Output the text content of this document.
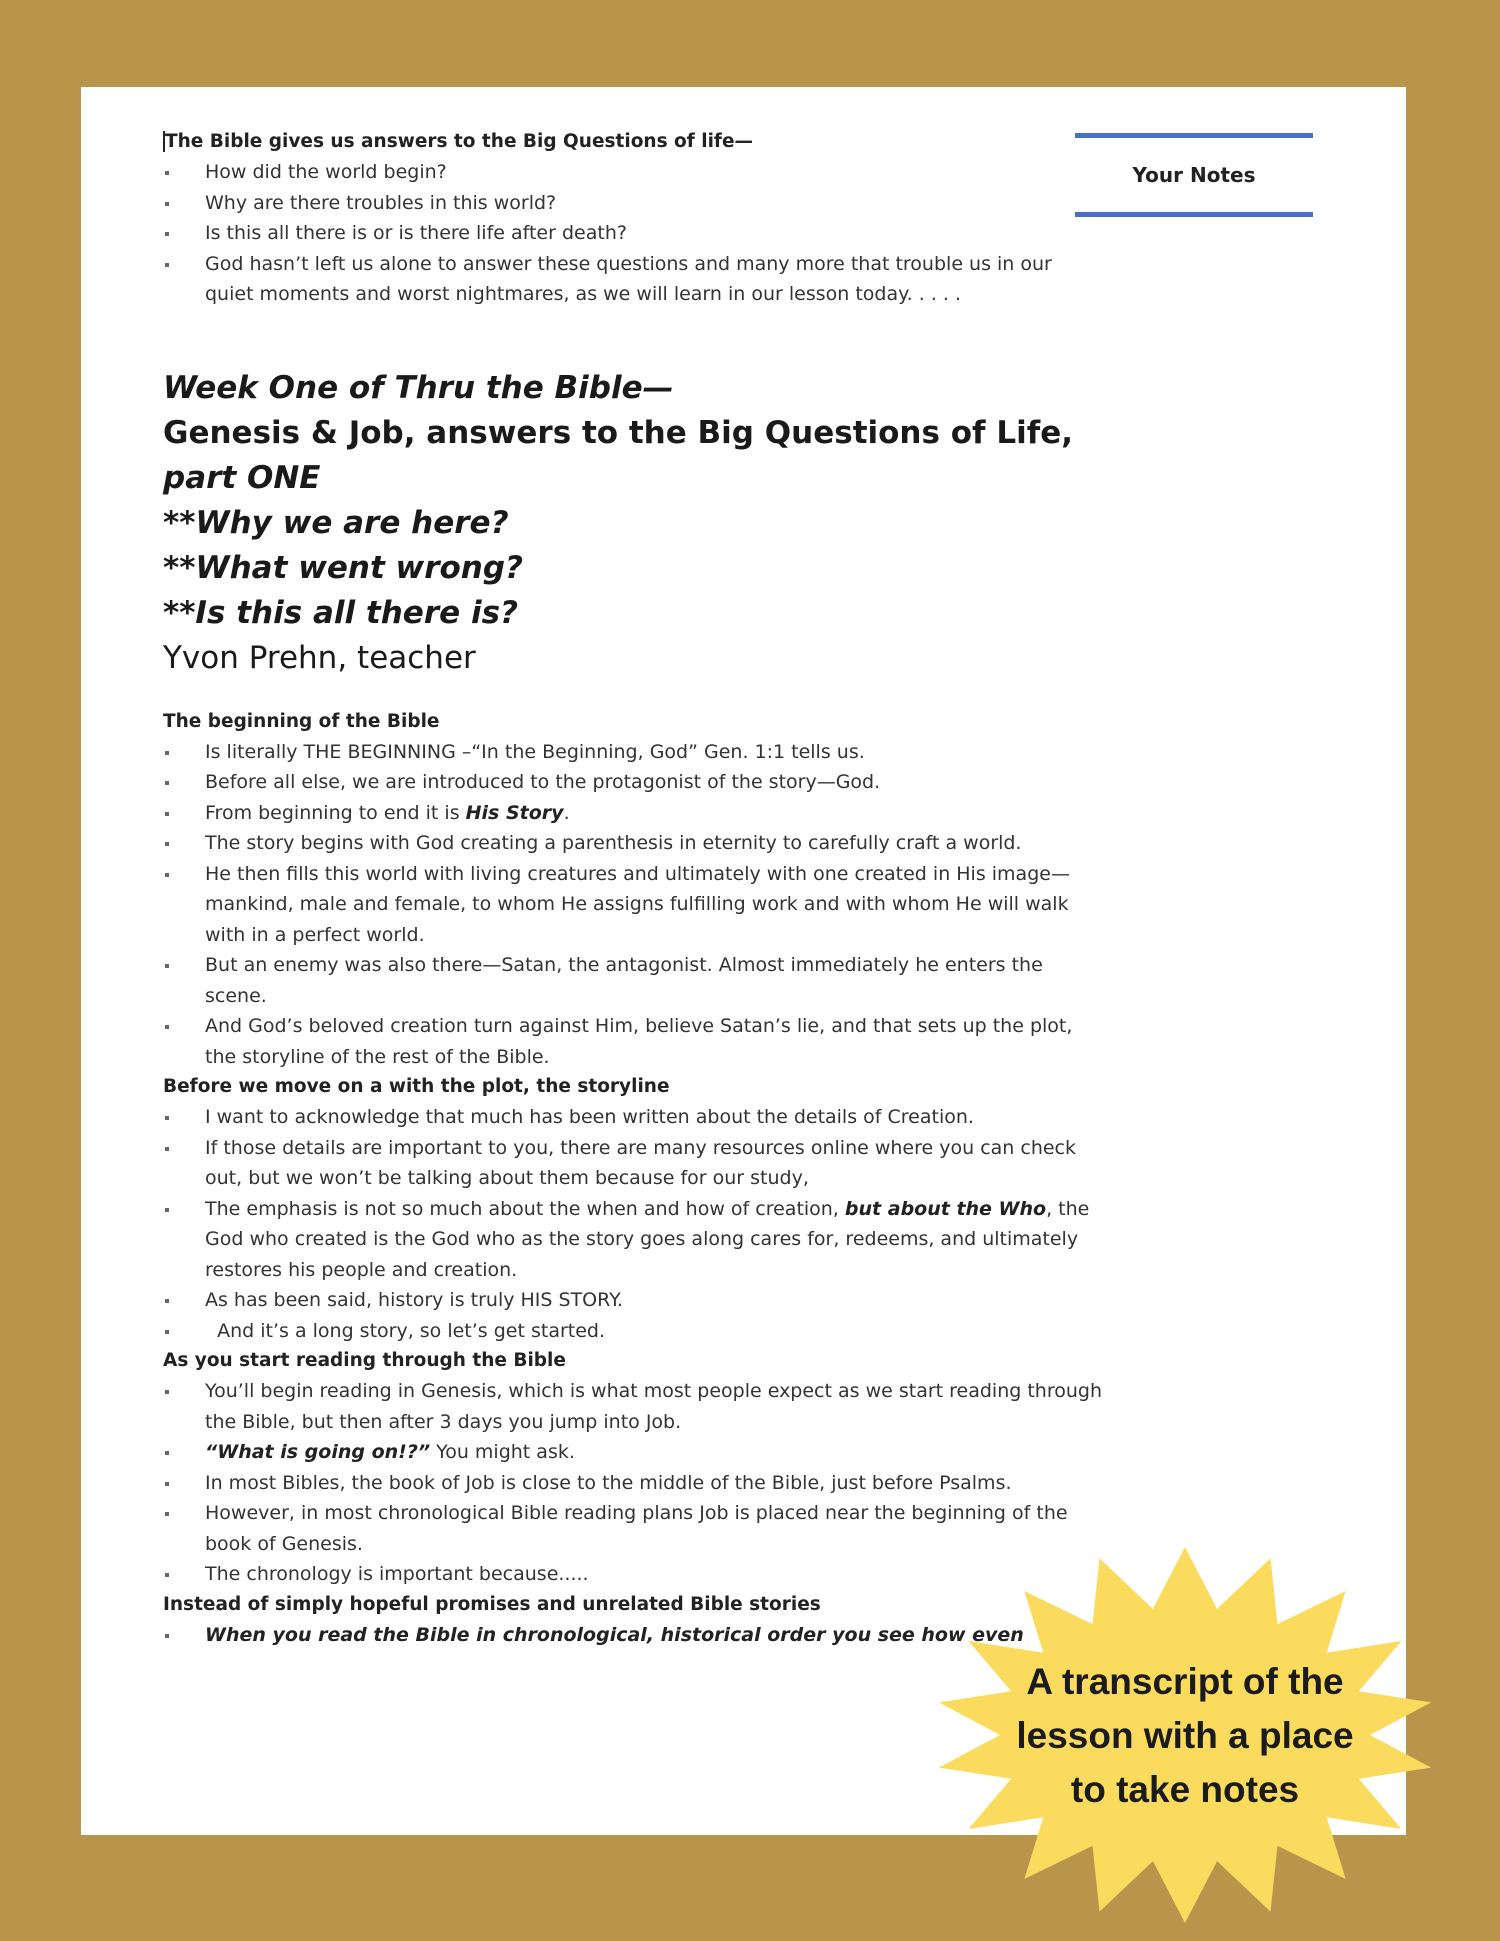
The Bible gives us answers to the Big Questions of life—

How did the world begin?
Why are there troubles in this world?
Is this all there is or is there life after death?
God hasn’t left us alone to answer these questions and many more that trouble us in our quiet moments and worst nightmares, as we will learn in our lesson today. . . . .

Week One of Thru the Bible—

Genesis & Job, answers to the Big Questions of Life,

part ONE

**Why we are here?

**What went wrong?

**Is this all there is?

Yvon Prehn, teacher

The beginning of the Bible

Is literally THE BEGINNING –“In the Beginning, God” Gen. 1:1 tells us.
Before all else, we are introduced to the protagonist of the story—God.
From beginning to end it is His Story.
The story begins with God creating a parenthesis in eternity to carefully craft a world.
He then fills this world with living creatures and ultimately with one created in His image—mankind, male and female, to whom He assigns fulfilling work and with whom He will walk with in a perfect world.
But an enemy was also there—Satan, the antagonist. Almost immediately he enters the scene.
And God’s beloved creation turn against Him, believe Satan’s lie, and that sets up the plot, the storyline of the rest of the Bible.

Before we move on a with the plot, the storyline

I want to acknowledge that much has been written about the details of Creation.
If those details are important to you, there are many resources online where you can check out, but we won’t be talking about them because for our study,
The emphasis is not so much about the when and how of creation, but about the Who, the God who created is the God who as the story goes along cares for, redeems, and ultimately restores his people and creation.
As has been said, history is truly HIS STORY.
And it’s a long story, so let’s get started.

As you start reading through the Bible

You’ll begin reading in Genesis, which is what most people expect as we start reading through the Bible, but then after 3 days you jump into Job.
“What is going on!?” You might ask.
In most Bibles, the book of Job is close to the middle of the Bible, just before Psalms.
However, in most chronological Bible reading plans Job is placed near the beginning of the book of Genesis.
The chronology is important because.....

Instead of simply hopeful promises and unrelated Bible stories

When you read the Bible in chronological, historical order you see how even
Your Notes
A transcript of the
lesson with a place
to take notes
